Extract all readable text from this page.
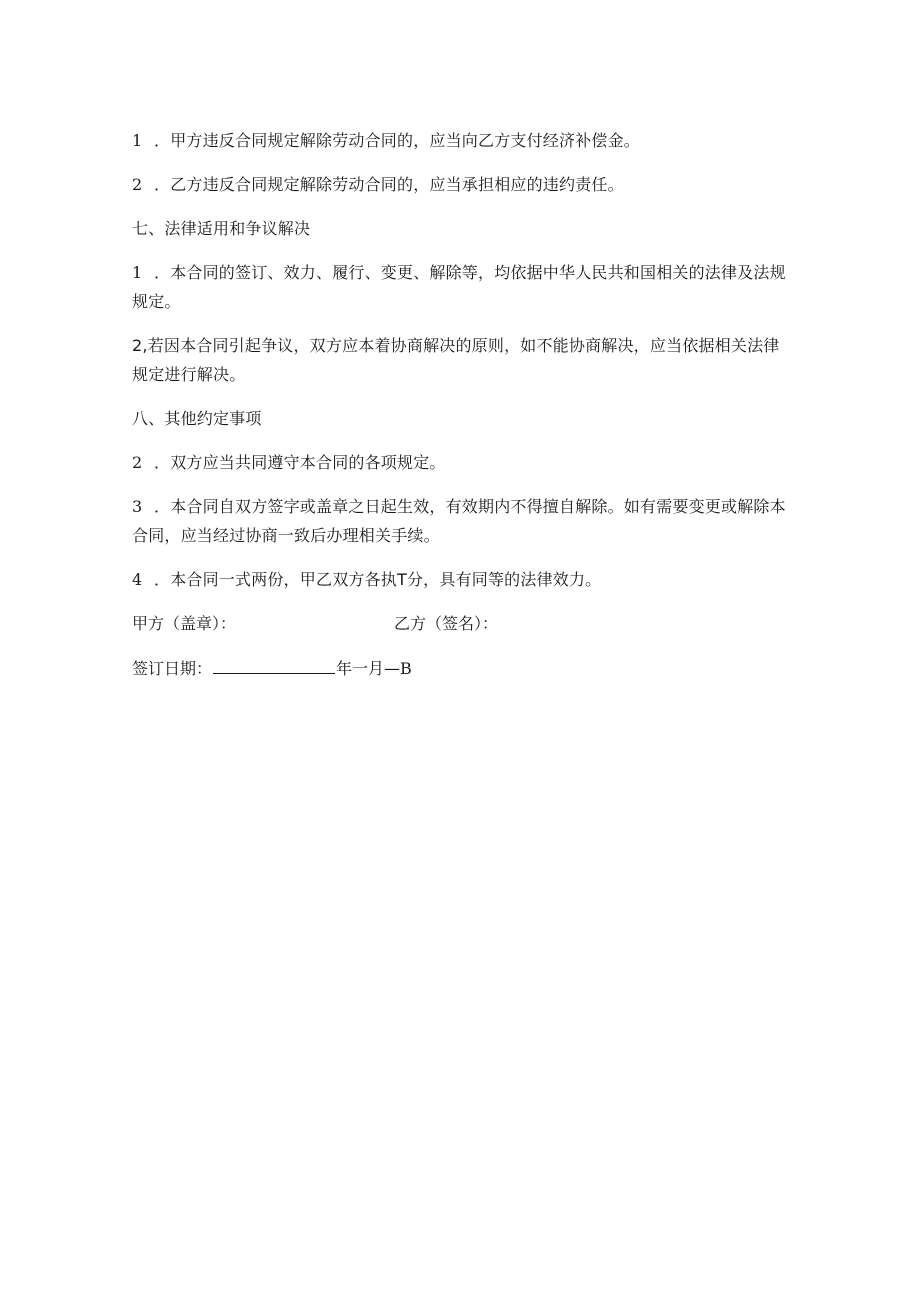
1 ．甲方违反合同规定解除劳动合同的，应当向乙方支付经济补偿金。

2 ．乙方违反合同规定解除劳动合同的，应当承担相应的违约责任。

七、法律适用和争议解决

1 ．本合同的签订、效力、履行、变更、解除等，均依据中华人民共和国相关的法律及法规规定。

2,若因本合同引起争议，双方应本着协商解决的原则，如不能协商解决，应当依据相关法律规定进行解决。

八、其他约定事项

2 ．双方应当共同遵守本合同的各项规定。

3 ．本合同自双方签字或盖章之日起生效，有效期内不得擅自解除。如有需要变更或解除本合同，应当经过协商一致后办理相关手续。

4 ．本合同一式两份，甲乙双方各执T分，具有同等的法律效力。

甲方（盖章）：	乙方（签名）：

签订日期：	年一月—B
